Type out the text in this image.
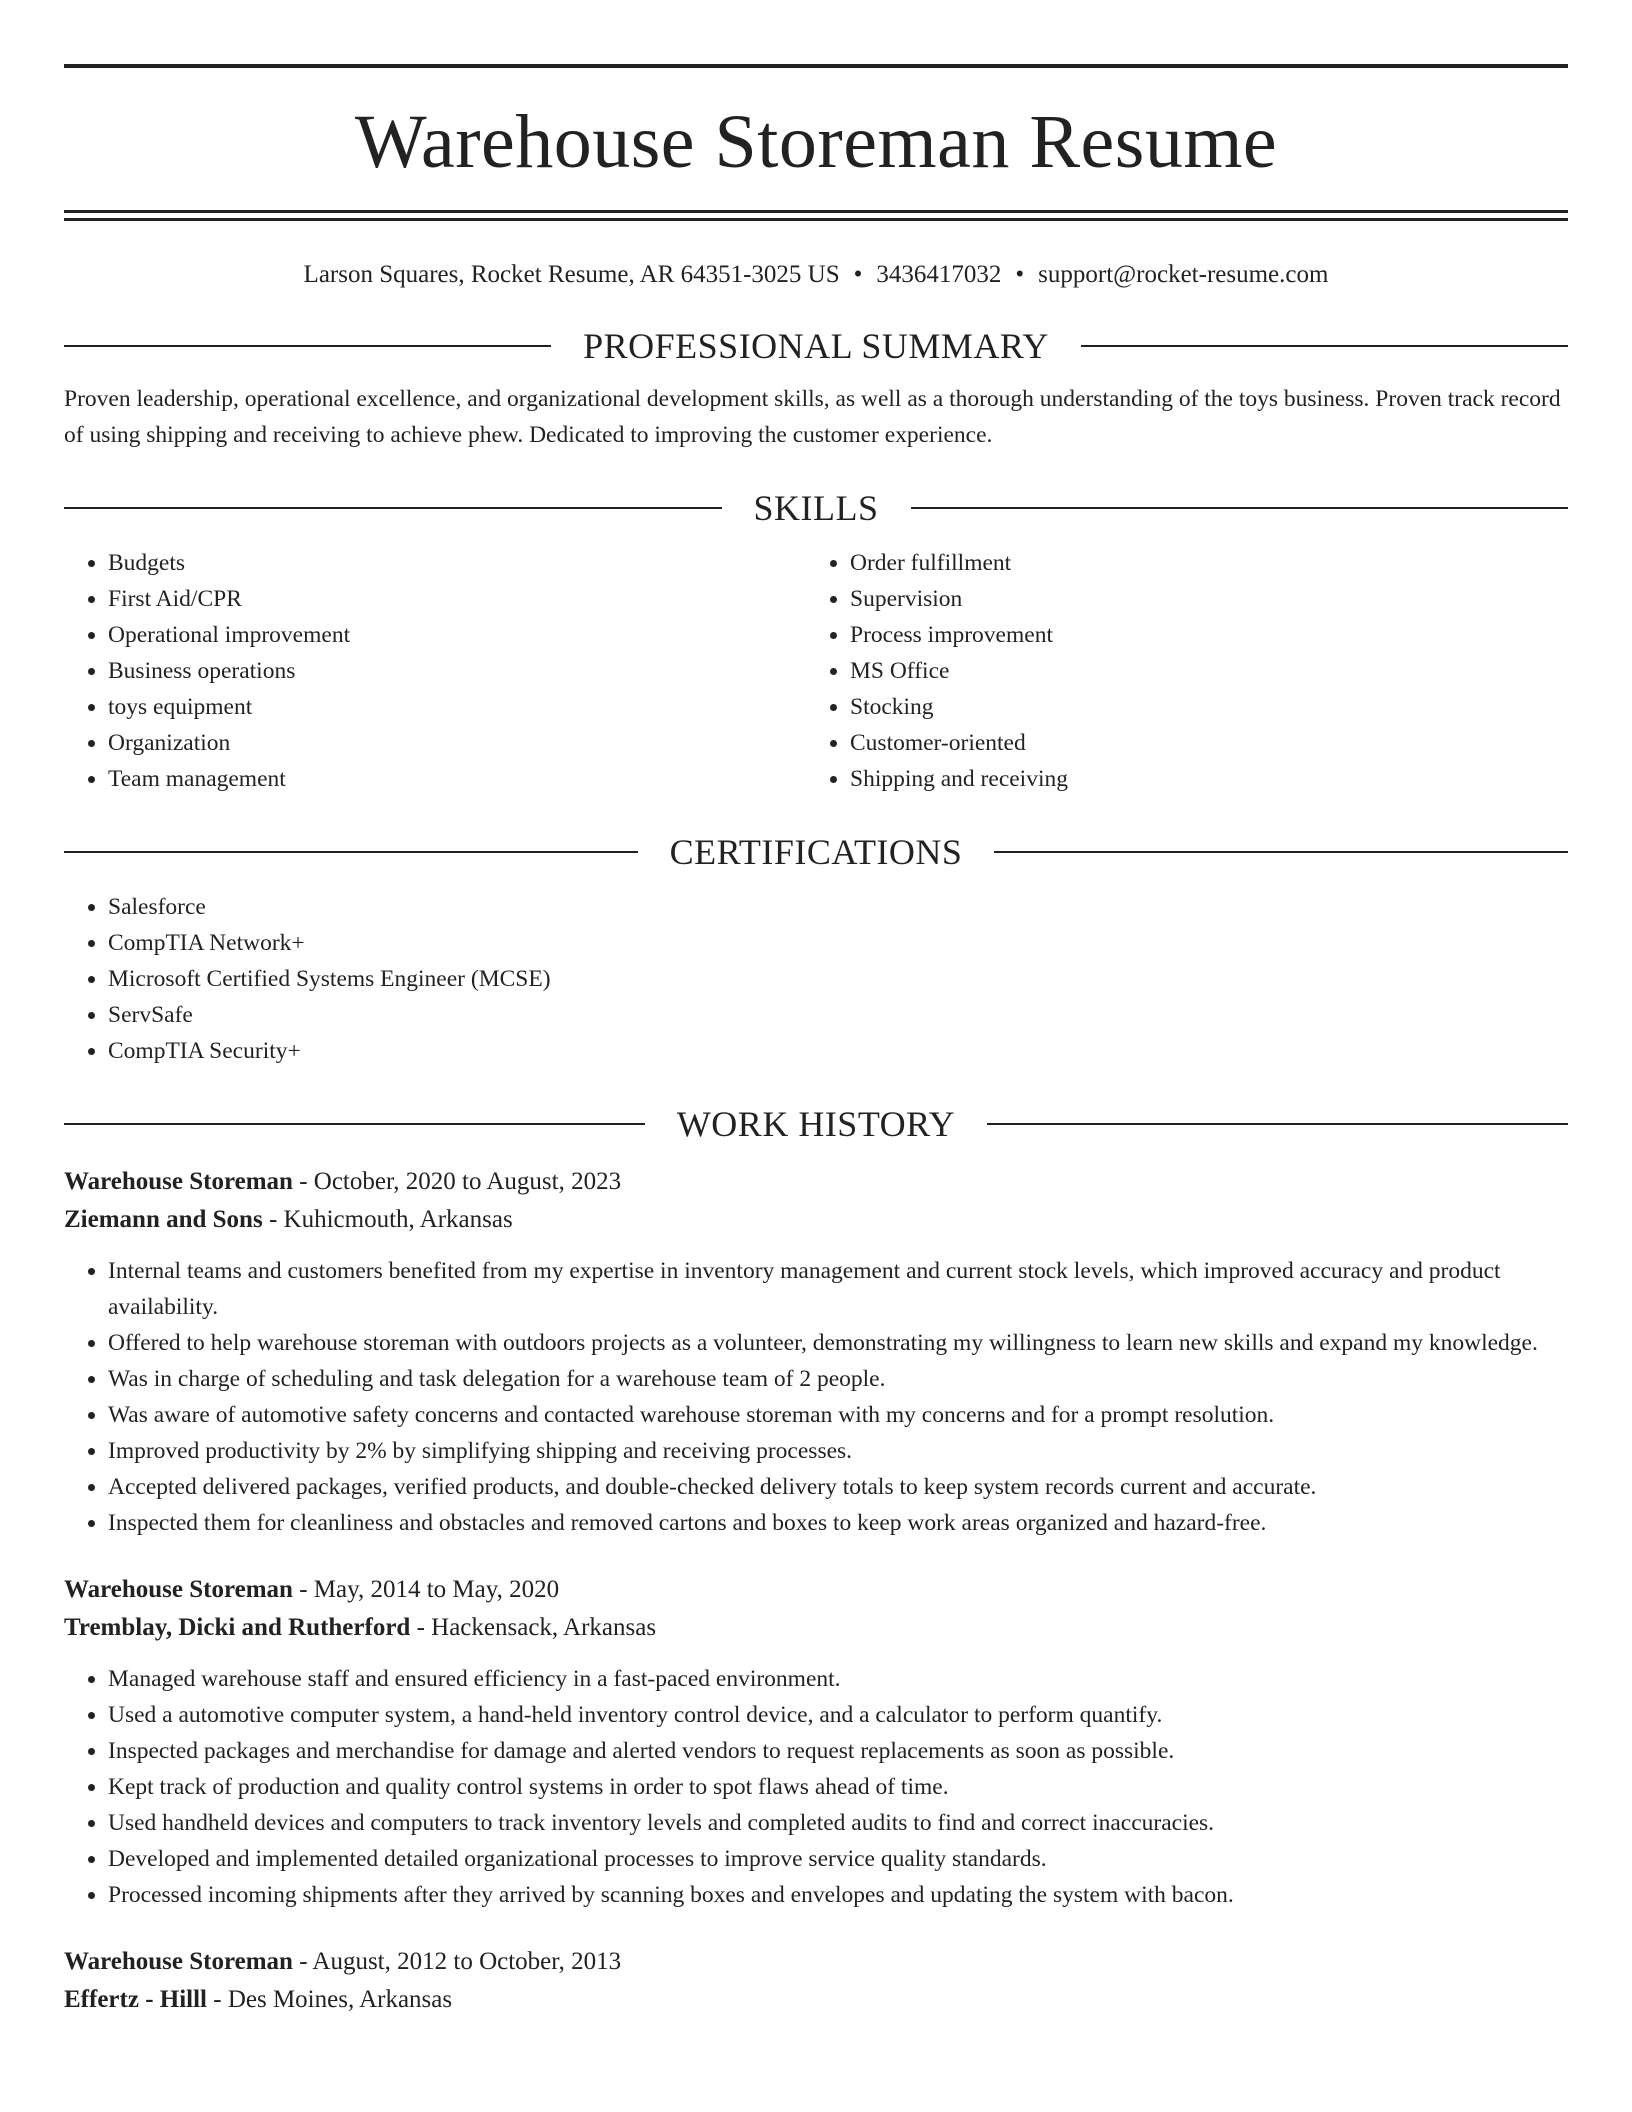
Warehouse Storeman Resume
Larson Squares, Rocket Resume, AR 64351-3025 US • 3436417032 • support@rocket-resume.com
PROFESSIONAL SUMMARY
Proven leadership, operational excellence, and organizational development skills, as well as a thorough understanding of the toys business. Proven track record of using shipping and receiving to achieve phew. Dedicated to improving the customer experience.
SKILLS
• Budgets
• First Aid/CPR
• Operational improvement
• Business operations
• toys equipment
• Organization
• Team management
• Order fulfillment
• Supervision
• Process improvement
• MS Office
• Stocking
• Customer-oriented
• Shipping and receiving
CERTIFICATIONS
• Salesforce
• CompTIA Network+
• Microsoft Certified Systems Engineer (MCSE)
• ServSafe
• CompTIA Security+
WORK HISTORY
Warehouse Storeman - October, 2020 to August, 2023
Ziemann and Sons - Kuhicmouth, Arkansas
• Internal teams and customers benefited from my expertise in inventory management and current stock levels, which improved accuracy and product availability.
• Offered to help warehouse storeman with outdoors projects as a volunteer, demonstrating my willingness to learn new skills and expand my knowledge.
• Was in charge of scheduling and task delegation for a warehouse team of 2 people.
• Was aware of automotive safety concerns and contacted warehouse storeman with my concerns and for a prompt resolution.
• Improved productivity by 2% by simplifying shipping and receiving processes.
• Accepted delivered packages, verified products, and double-checked delivery totals to keep system records current and accurate.
• Inspected them for cleanliness and obstacles and removed cartons and boxes to keep work areas organized and hazard-free.
Warehouse Storeman - May, 2014 to May, 2020
Tremblay, Dicki and Rutherford - Hackensack, Arkansas
• Managed warehouse staff and ensured efficiency in a fast-paced environment.
• Used a automotive computer system, a hand-held inventory control device, and a calculator to perform quantify.
• Inspected packages and merchandise for damage and alerted vendors to request replacements as soon as possible.
• Kept track of production and quality control systems in order to spot flaws ahead of time.
• Used handheld devices and computers to track inventory levels and completed audits to find and correct inaccuracies.
• Developed and implemented detailed organizational processes to improve service quality standards.
• Processed incoming shipments after they arrived by scanning boxes and envelopes and updating the system with bacon.
Warehouse Storeman - August, 2012 to October, 2013
Effertz - Hilll - Des Moines, Arkansas
